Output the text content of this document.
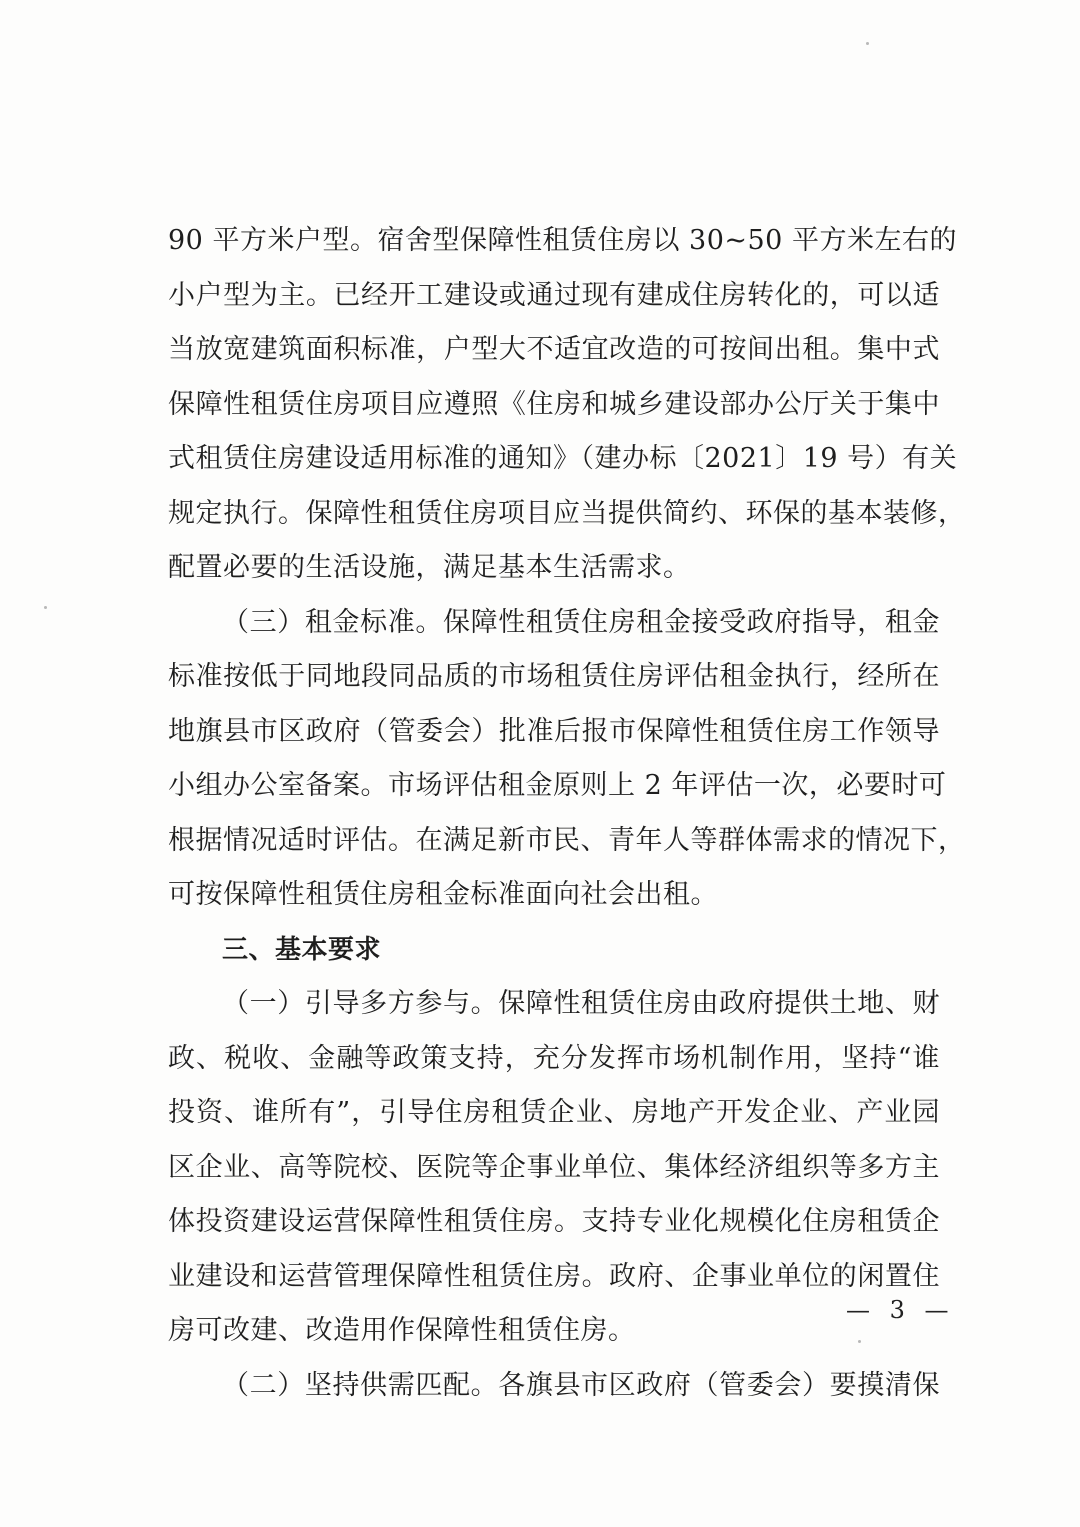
90 平方米户型。宿舍型保障性租赁住房以 30~50 平方米左右的
小户型为主。已经开工建设或通过现有建成住房转化的，可以适
当放宽建筑面积标准，户型大不适宜改造的可按间出租。集中式
保障性租赁住房项目应遵照《住房和城乡建设部办公厅关于集中
式租赁住房建设适用标准的通知》（建办标〔2021〕19 号）有关
规定执行。保障性租赁住房项目应当提供简约、环保的基本装修，
配置必要的生活设施，满足基本生活需求。
（三）租金标准。保障性租赁住房租金接受政府指导，租金
标准按低于同地段同品质的市场租赁住房评估租金执行，经所在
地旗县市区政府（管委会）批准后报市保障性租赁住房工作领导
小组办公室备案。市场评估租金原则上 2 年评估一次，必要时可
根据情况适时评估。在满足新市民、青年人等群体需求的情况下，
可按保障性租赁住房租金标准面向社会出租。
三、基本要求
（一）引导多方参与。保障性租赁住房由政府提供土地、财
政、税收、金融等政策支持，充分发挥市场机制作用，坚持“谁
投资、谁所有”，引导住房租赁企业、房地产开发企业、产业园
区企业、高等院校、医院等企事业单位、集体经济组织等多方主
体投资建设运营保障性租赁住房。支持专业化规模化住房租赁企
业建设和运营管理保障性租赁住房。政府、企事业单位的闲置住
房可改建、改造用作保障性租赁住房。
（二）坚持供需匹配。各旗县市区政府（管委会）要摸清保
— 3 —
